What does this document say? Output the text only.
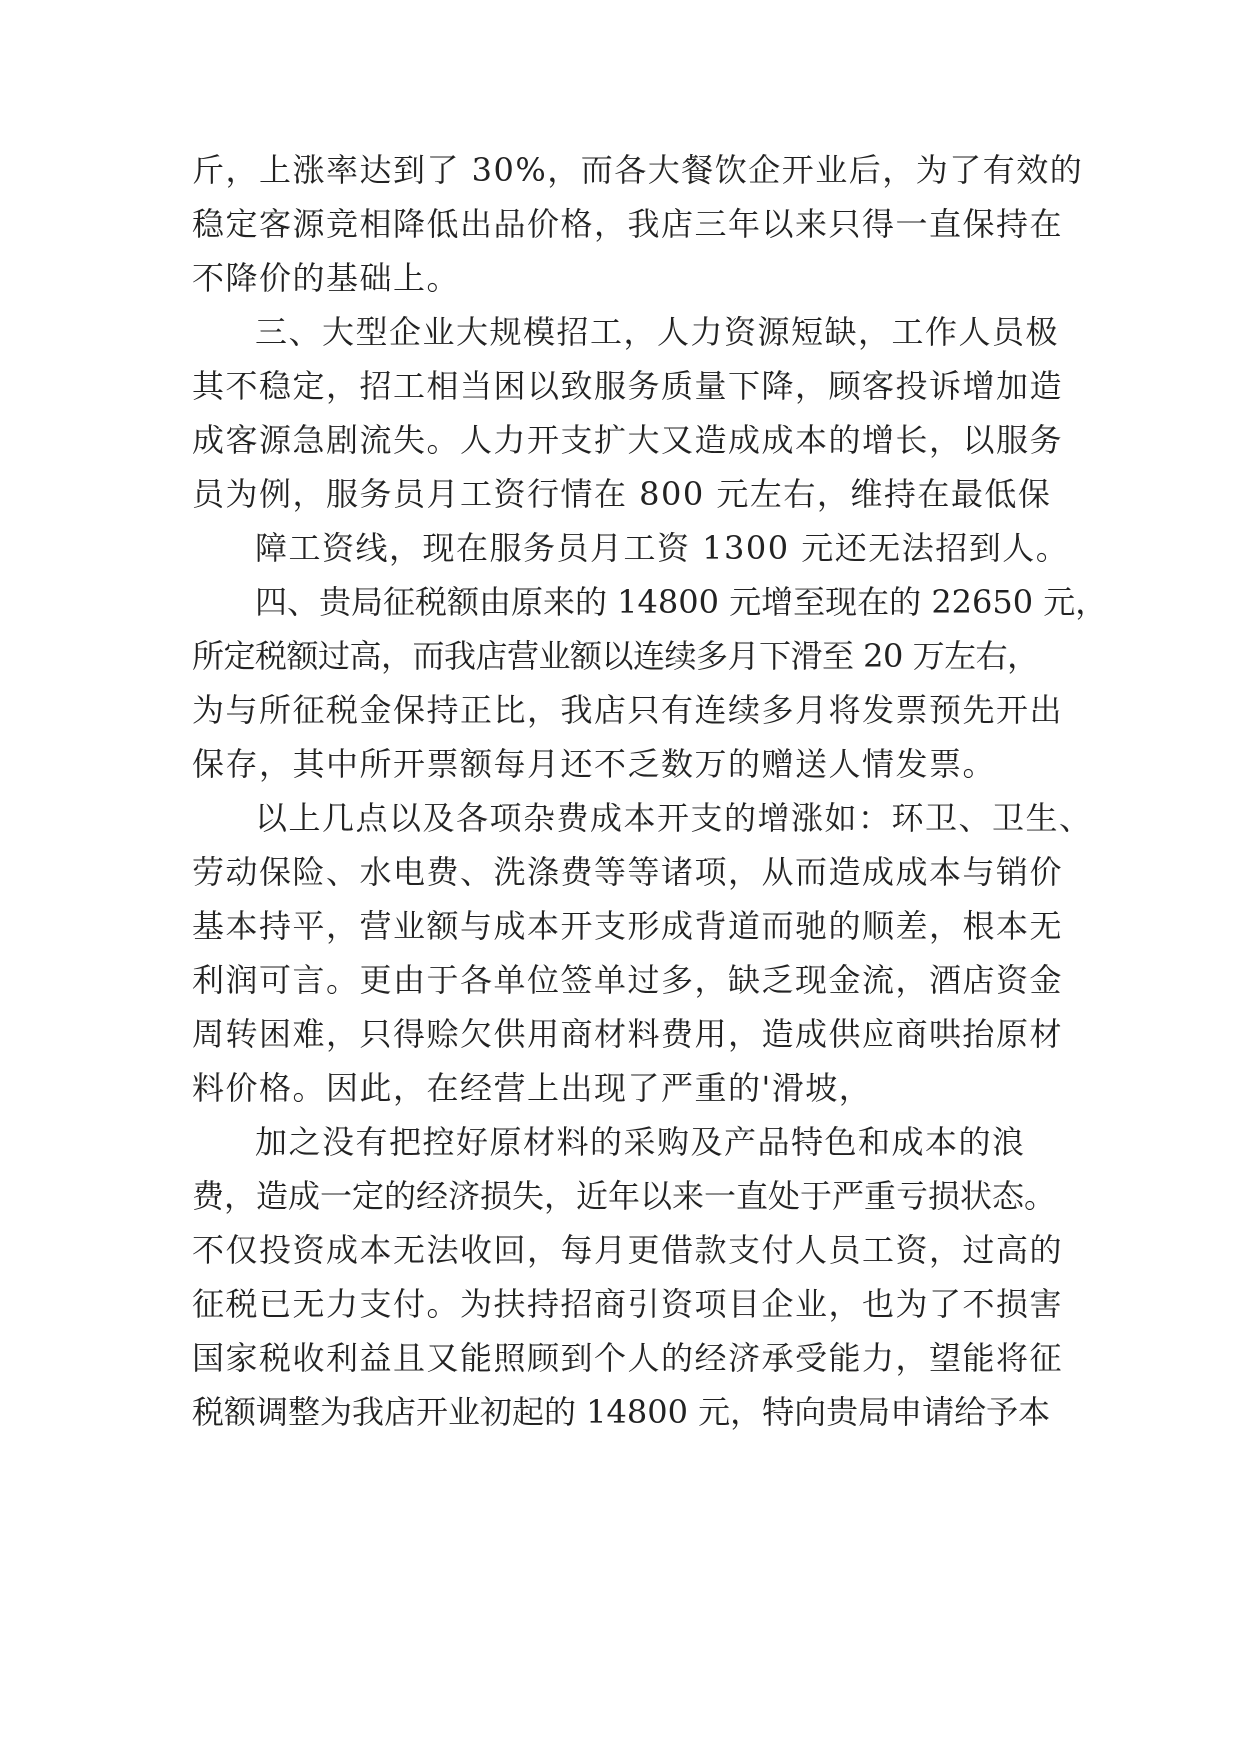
斤，上涨率达到了 30%，而各大餐饮企开业后，为了有效的
稳定客源竞相降低出品价格，我店三年以来只得一直保持在
不降价的基础上。
三、大型企业大规模招工，人力资源短缺，工作人员极
其不稳定，招工相当困以致服务质量下降，顾客投诉增加造
成客源急剧流失。人力开支扩大又造成成本的增长，以服务
员为例，服务员月工资行情在 800 元左右，维持在最低保
障工资线，现在服务员月工资 1300 元还无法招到人。
四、贵局征税额由原来的 14800 元增至现在的 22650 元，
所定税额过高，而我店营业额以连续多月下滑至 20 万左右，
为与所征税金保持正比，我店只有连续多月将发票预先开出
保存，其中所开票额每月还不乏数万的赠送人情发票。
以上几点以及各项杂费成本开支的增涨如：环卫、卫生、
劳动保险、水电费、洗涤费等等诸项，从而造成成本与销价
基本持平，营业额与成本开支形成背道而驰的顺差，根本无
利润可言。更由于各单位签单过多，缺乏现金流，酒店资金
周转困难，只得赊欠供用商材料费用，造成供应商哄抬原材
料价格。因此，在经营上出现了严重的'滑坡，
加之没有把控好原材料的采购及产品特色和成本的浪
费，造成一定的经济损失，近年以来一直处于严重亏损状态。
不仅投资成本无法收回，每月更借款支付人员工资，过高的
征税已无力支付。为扶持招商引资项目企业，也为了不损害
国家税收利益且又能照顾到个人的经济承受能力，望能将征
税额调整为我店开业初起的 14800 元，特向贵局申请给予本
